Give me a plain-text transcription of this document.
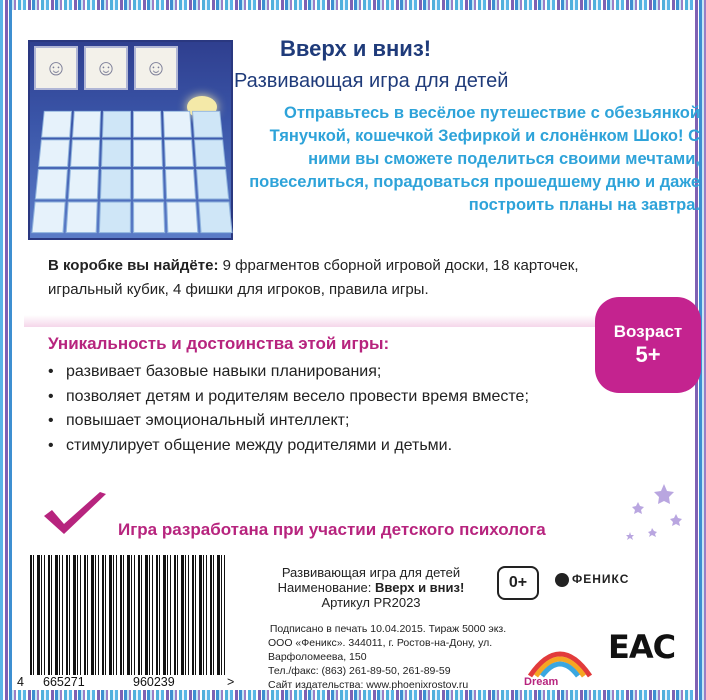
☺	☺	☺
Вверх и вниз!
Развивающая игра для детей
Отправьтесь в весёлое путешествие с обезьянкой Тянучкой, кошечкой Зефиркой и слонёнком Шоко! С ними вы сможете поделиться своими мечтами, повеселиться, порадоваться прошедшему дню и даже построить планы на завтра.
В коробке вы найдёте: 9 фрагментов сборной игровой доски, 18 карточек, игральный кубик, 4 фишки для игроков, правила игры.
Возраст
5+
Уникальность и достоинства этой игры:
• развивает базовые навыки планирования;
• позволяет детям и родителям весело провести время вместе;
• повышает эмоциональный интеллект;
• стимулирует общение между родителями и детьми.
Игра разработана при участии детского психолога
4 665271	960239	>
Развивающая игра для детей
Наименование: Вверх и вниз!
Артикул PR2023
0+	ФЕНИКС
Подписано в печать 10.04.2015. Тираж 5000 экз.
ООО «Феникс». 344011, г. Ростов-на-Дону, ул. Варфоломеева, 150
Тел./факс: (863) 261-89-50, 261-89-59
Сайт издательства: www.phoenixrostov.ru	Dream
EAC
